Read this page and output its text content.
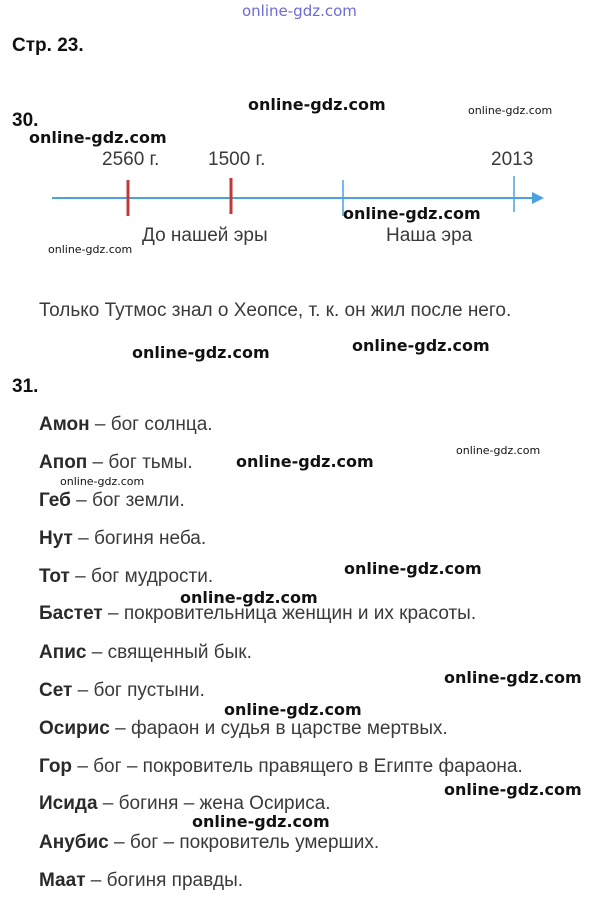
online-gdz.com
Стр. 23.
30.
2560 г.	1500 г.	2013
До нашей эры	Наша эра
Только Тутмос знал о Хеопсе, т. к. он жил после него.
31.
Амон – бог солнца.
Апоп – бог тьмы.
Геб – бог земли.
Нут – богиня неба.
Тот – бог мудрости.
Бастет – покровительница женщин и их красоты.
Апис – священный бык.
Сет – бог пустыни.
Осирис – фараон и судья в царстве мертвых.
Гор – бог – покровитель правящего в Египте фараона.
Исида – богиня – жена Осириса.
Анубис – бог – покровитель умерших.
Маат – богиня правды.
online-gdz.com	online-gdz.com
online-gdz.com
online-gdz.com
online-gdz.com
online-gdz.com	online-gdz.com
online-gdz.com
online-gdz.com
online-gdz.com
online-gdz.com
online-gdz.com
online-gdz.com
online-gdz.com
online-gdz.com
online-gdz.com
